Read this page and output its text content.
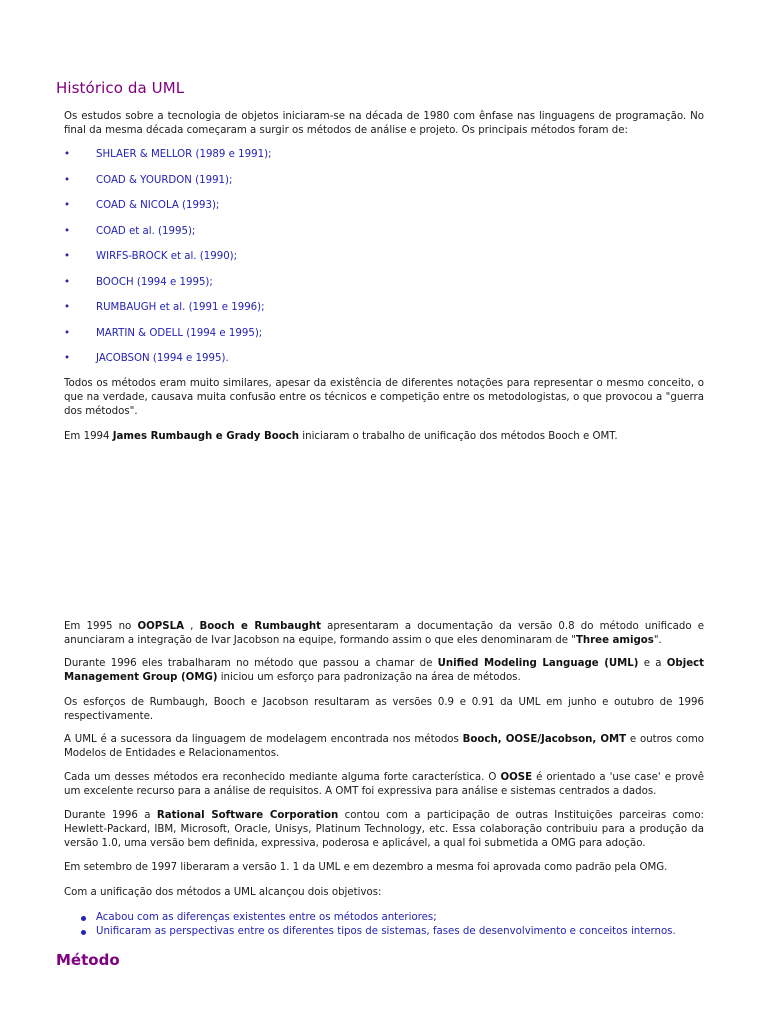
Histórico da UML

Os estudos sobre a tecnologia de objetos iniciaram-se na década de 1980 com ênfase nas linguagens de programação. No final da mesma década começaram a surgir os métodos de análise e projeto. Os principais métodos foram de:

•	SHLAER & MELLOR (1989 e 1991);
•	COAD & YOURDON (1991);
•	COAD & NICOLA (1993);
•	COAD et al. (1995);
•	WIRFS-BROCK et al. (1990);
•	BOOCH (1994 e 1995);
•	RUMBAUGH et al. (1991 e 1996);
•	MARTIN & ODELL (1994 e 1995);
•	JACOBSON (1994 e 1995).

Todos os métodos eram muito similares, apesar da existência de diferentes notações para representar o mesmo conceito, o que na verdade, causava muita confusão entre os técnicos e competição entre os metodologistas, o que provocou a "guerra dos métodos".

Em 1994 James Rumbaugh e Grady Booch iniciaram o trabalho de unificação dos métodos Booch e OMT.

Em 1995 no OOPSLA , Booch e Rumbaught apresentaram a documentação da versão 0.8 do método unificado e anunciaram a integração de Ivar Jacobson na equipe, formando assim o que eles denominaram de "Three amigos".

Durante 1996 eles trabalharam no método que passou a chamar de Unified Modeling Language (UML) e a Object Management Group (OMG) iniciou um esforço para padronização na área de métodos.

Os esforços de Rumbaugh, Booch e Jacobson resultaram as versões 0.9 e 0.91 da UML em junho e outubro de 1996 respectivamente.

A UML é a sucessora da linguagem de modelagem encontrada nos métodos Booch, OOSE/Jacobson, OMT e outros como Modelos de Entidades e Relacionamentos.

Cada um desses métodos era reconhecido mediante alguma forte característica. O OOSE é orientado a 'use case' e provê um excelente recurso para a análise de requisitos. A OMT foi expressiva para análise e sistemas centrados a dados.

Durante 1996 a Rational Software Corporation contou com a participação de outras Instituições parceiras como: Hewlett-Packard, IBM, Microsoft, Oracle, Unisys, Platinum Technology, etc. Essa colaboração contribuiu para a produção da versão 1.0, uma versão bem definida, expressiva, poderosa e aplicável, a qual foi submetida a OMG para adoção.

Em setembro de 1997 liberaram a versão 1. 1 da UML e em dezembro a mesma foi aprovada como padrão pela OMG.

Com a unificação dos métodos a UML alcançou dois objetivos:

Acabou com as diferenças existentes entre os métodos anteriores;
Unificaram as perspectivas entre os diferentes tipos de sistemas, fases de desenvolvimento e conceitos internos.
Método
